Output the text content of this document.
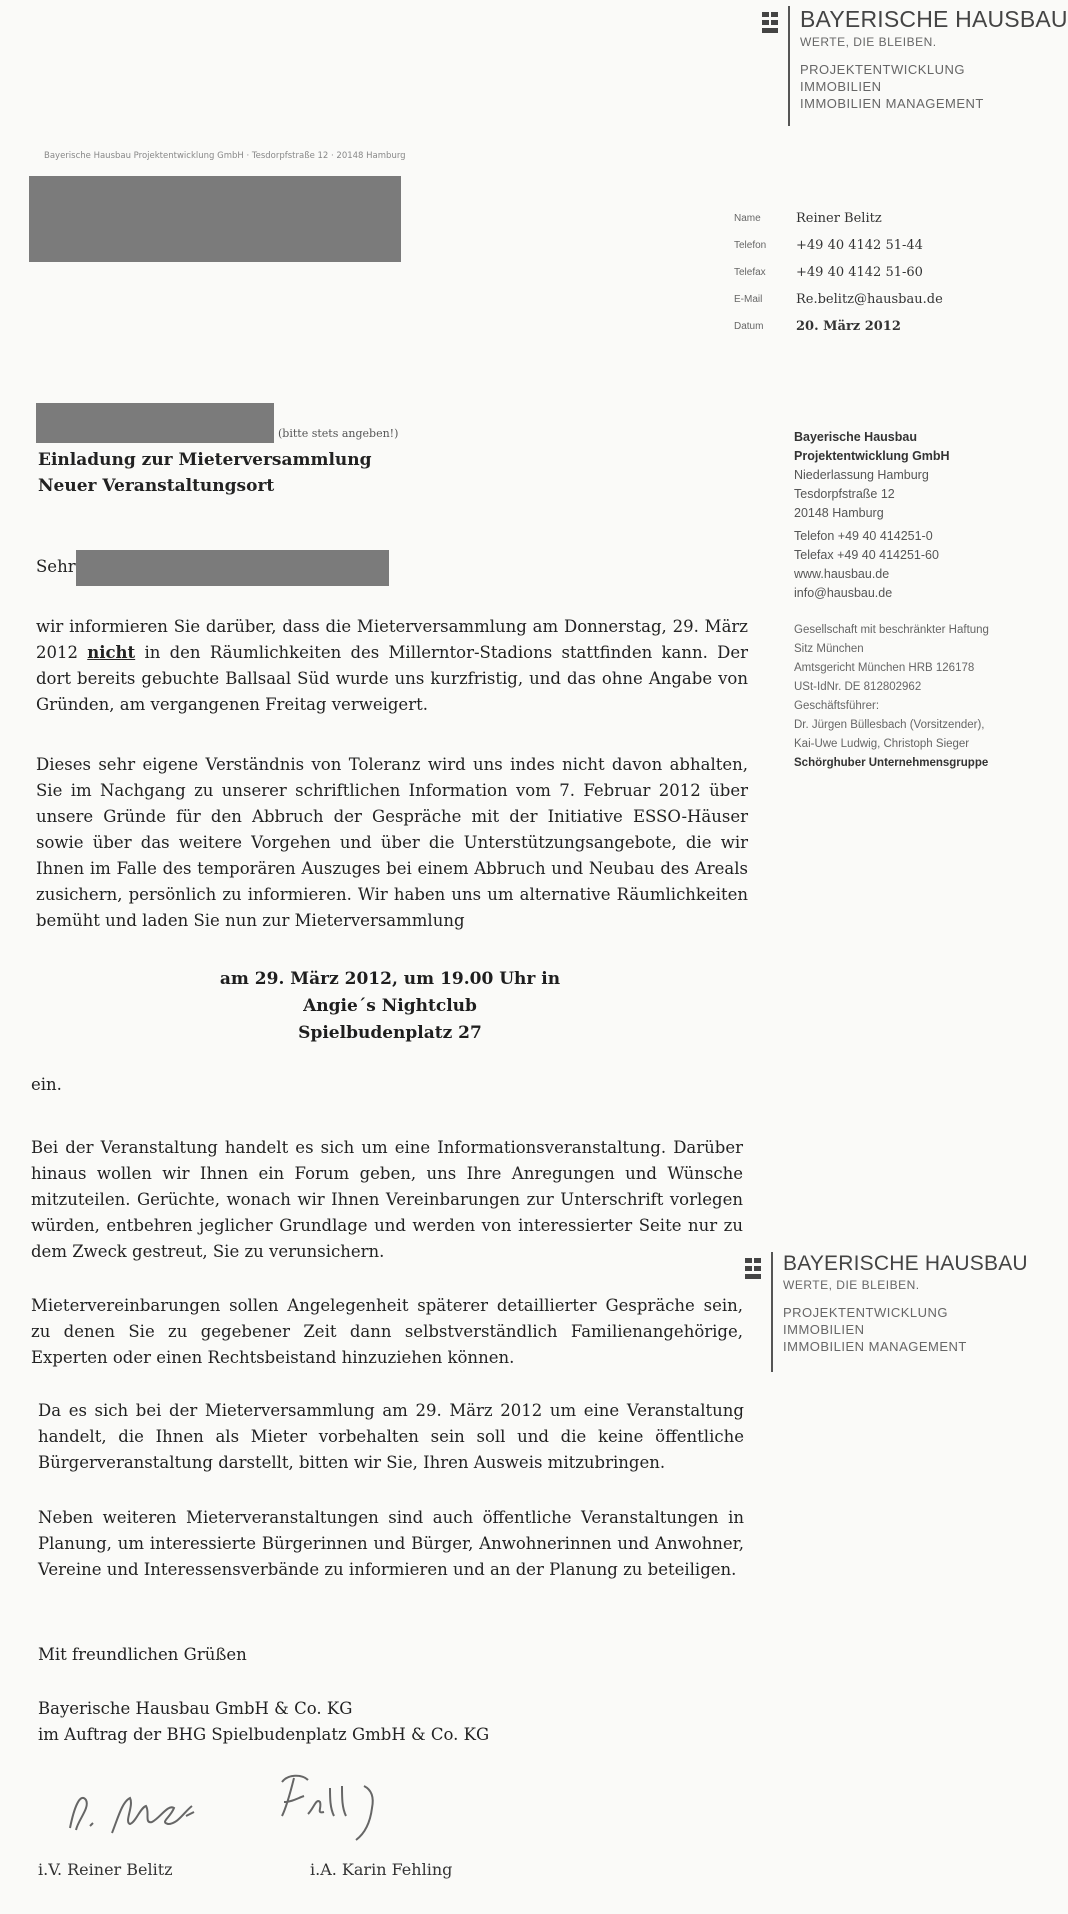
BAYERISCHE HAUSBAU
WERTE, DIE BLEIBEN.
PROJEKTENTWICKLUNG
IMMOBILIEN
IMMOBILIEN MANAGEMENT
Bayerische Hausbau Projektentwicklung GmbH · Tesdorpfstraße 12 · 20148 Hamburg
Name	Reiner Belitz
Telefon	+49 40 4142 51-44
Telefax	+49 40 4142 51-60
E-Mail	Re.belitz@hausbau.de
Datum	20. März 2012
(bitte stets angeben!)
Einladung zur Mieterversammlung
Neuer Veranstaltungsort
Bayerische Hausbau
Projektentwicklung GmbH
Niederlassung Hamburg
Tesdorpfstraße 12
20148 Hamburg
Telefon +49 40 414251-0
Telefax +49 40 414251-60
www.hausbau.de
info@hausbau.de
Gesellschaft mit beschränkter Haftung
Sitz München
Amtsgericht München HRB 126178
USt-IdNr. DE 812802962
Geschäftsführer:
Dr. Jürgen Büllesbach (Vorsitzender),
Kai-Uwe Ludwig, Christoph Sieger
Schörghuber Unternehmensgruppe
Sehr
wir informieren Sie darüber, dass die Mieterversammlung am Donnerstag, 29. März 2012 nicht in den Räumlichkeiten des Millerntor-Stadions stattfinden kann. Der dort bereits gebuchte Ballsaal Süd wurde uns kurzfristig, und das ohne Angabe von Gründen, am vergangenen Freitag verweigert.
Dieses sehr eigene Verständnis von Toleranz wird uns indes nicht davon abhalten, Sie im Nachgang zu unserer schriftlichen Information vom 7. Februar 2012 über unsere Gründe für den Abbruch der Gespräche mit der Initiative ESSO-Häuser sowie über das weitere Vorgehen und über die Unterstützungsangebote, die wir Ihnen im Falle des temporären Auszuges bei einem Abbruch und Neubau des Areals zusichern, persönlich zu informieren. Wir haben uns um alternative Räumlichkeiten bemüht und laden Sie nun zur Mieterversammlung
am 29. März 2012, um 19.00 Uhr in
Angie´s Nightclub
Spielbudenplatz 27
ein.
Bei der Veranstaltung handelt es sich um eine Informationsveranstaltung. Darüber hinaus wollen wir Ihnen ein Forum geben, uns Ihre Anregungen und Wünsche mitzuteilen. Gerüchte, wonach wir Ihnen Vereinbarungen zur Unterschrift vorlegen würden, entbehren jeglicher Grundlage und werden von interessierter Seite nur zu dem Zweck gestreut, Sie zu verunsichern.
BAYERISCHE HAUSBAU
WERTE, DIE BLEIBEN.
PROJEKTENTWICKLUNG
IMMOBILIEN
IMMOBILIEN MANAGEMENT
Mietervereinbarungen sollen Angelegenheit späterer detaillierter Gespräche sein, zu denen Sie zu gegebener Zeit dann selbstverständlich Familienangehörige, Experten oder einen Rechtsbeistand hinzuziehen können.
Da es sich bei der Mieterversammlung am 29. März 2012 um eine Veranstaltung handelt, die Ihnen als Mieter vorbehalten sein soll und die keine öffentliche Bürgerveranstaltung darstellt, bitten wir Sie, Ihren Ausweis mitzubringen.
Neben weiteren Mieterveranstaltungen sind auch öffentliche Veranstaltungen in Planung, um interessierte Bürgerinnen und Bürger, Anwohnerinnen und Anwohner, Vereine und Interessensverbände zu informieren und an der Planung zu beteiligen.
Mit freundlichen Grüßen
Bayerische Hausbau GmbH & Co. KG
im Auftrag der BHG Spielbudenplatz GmbH & Co. KG
i.V. Reiner Belitz	i.A. Karin Fehling
